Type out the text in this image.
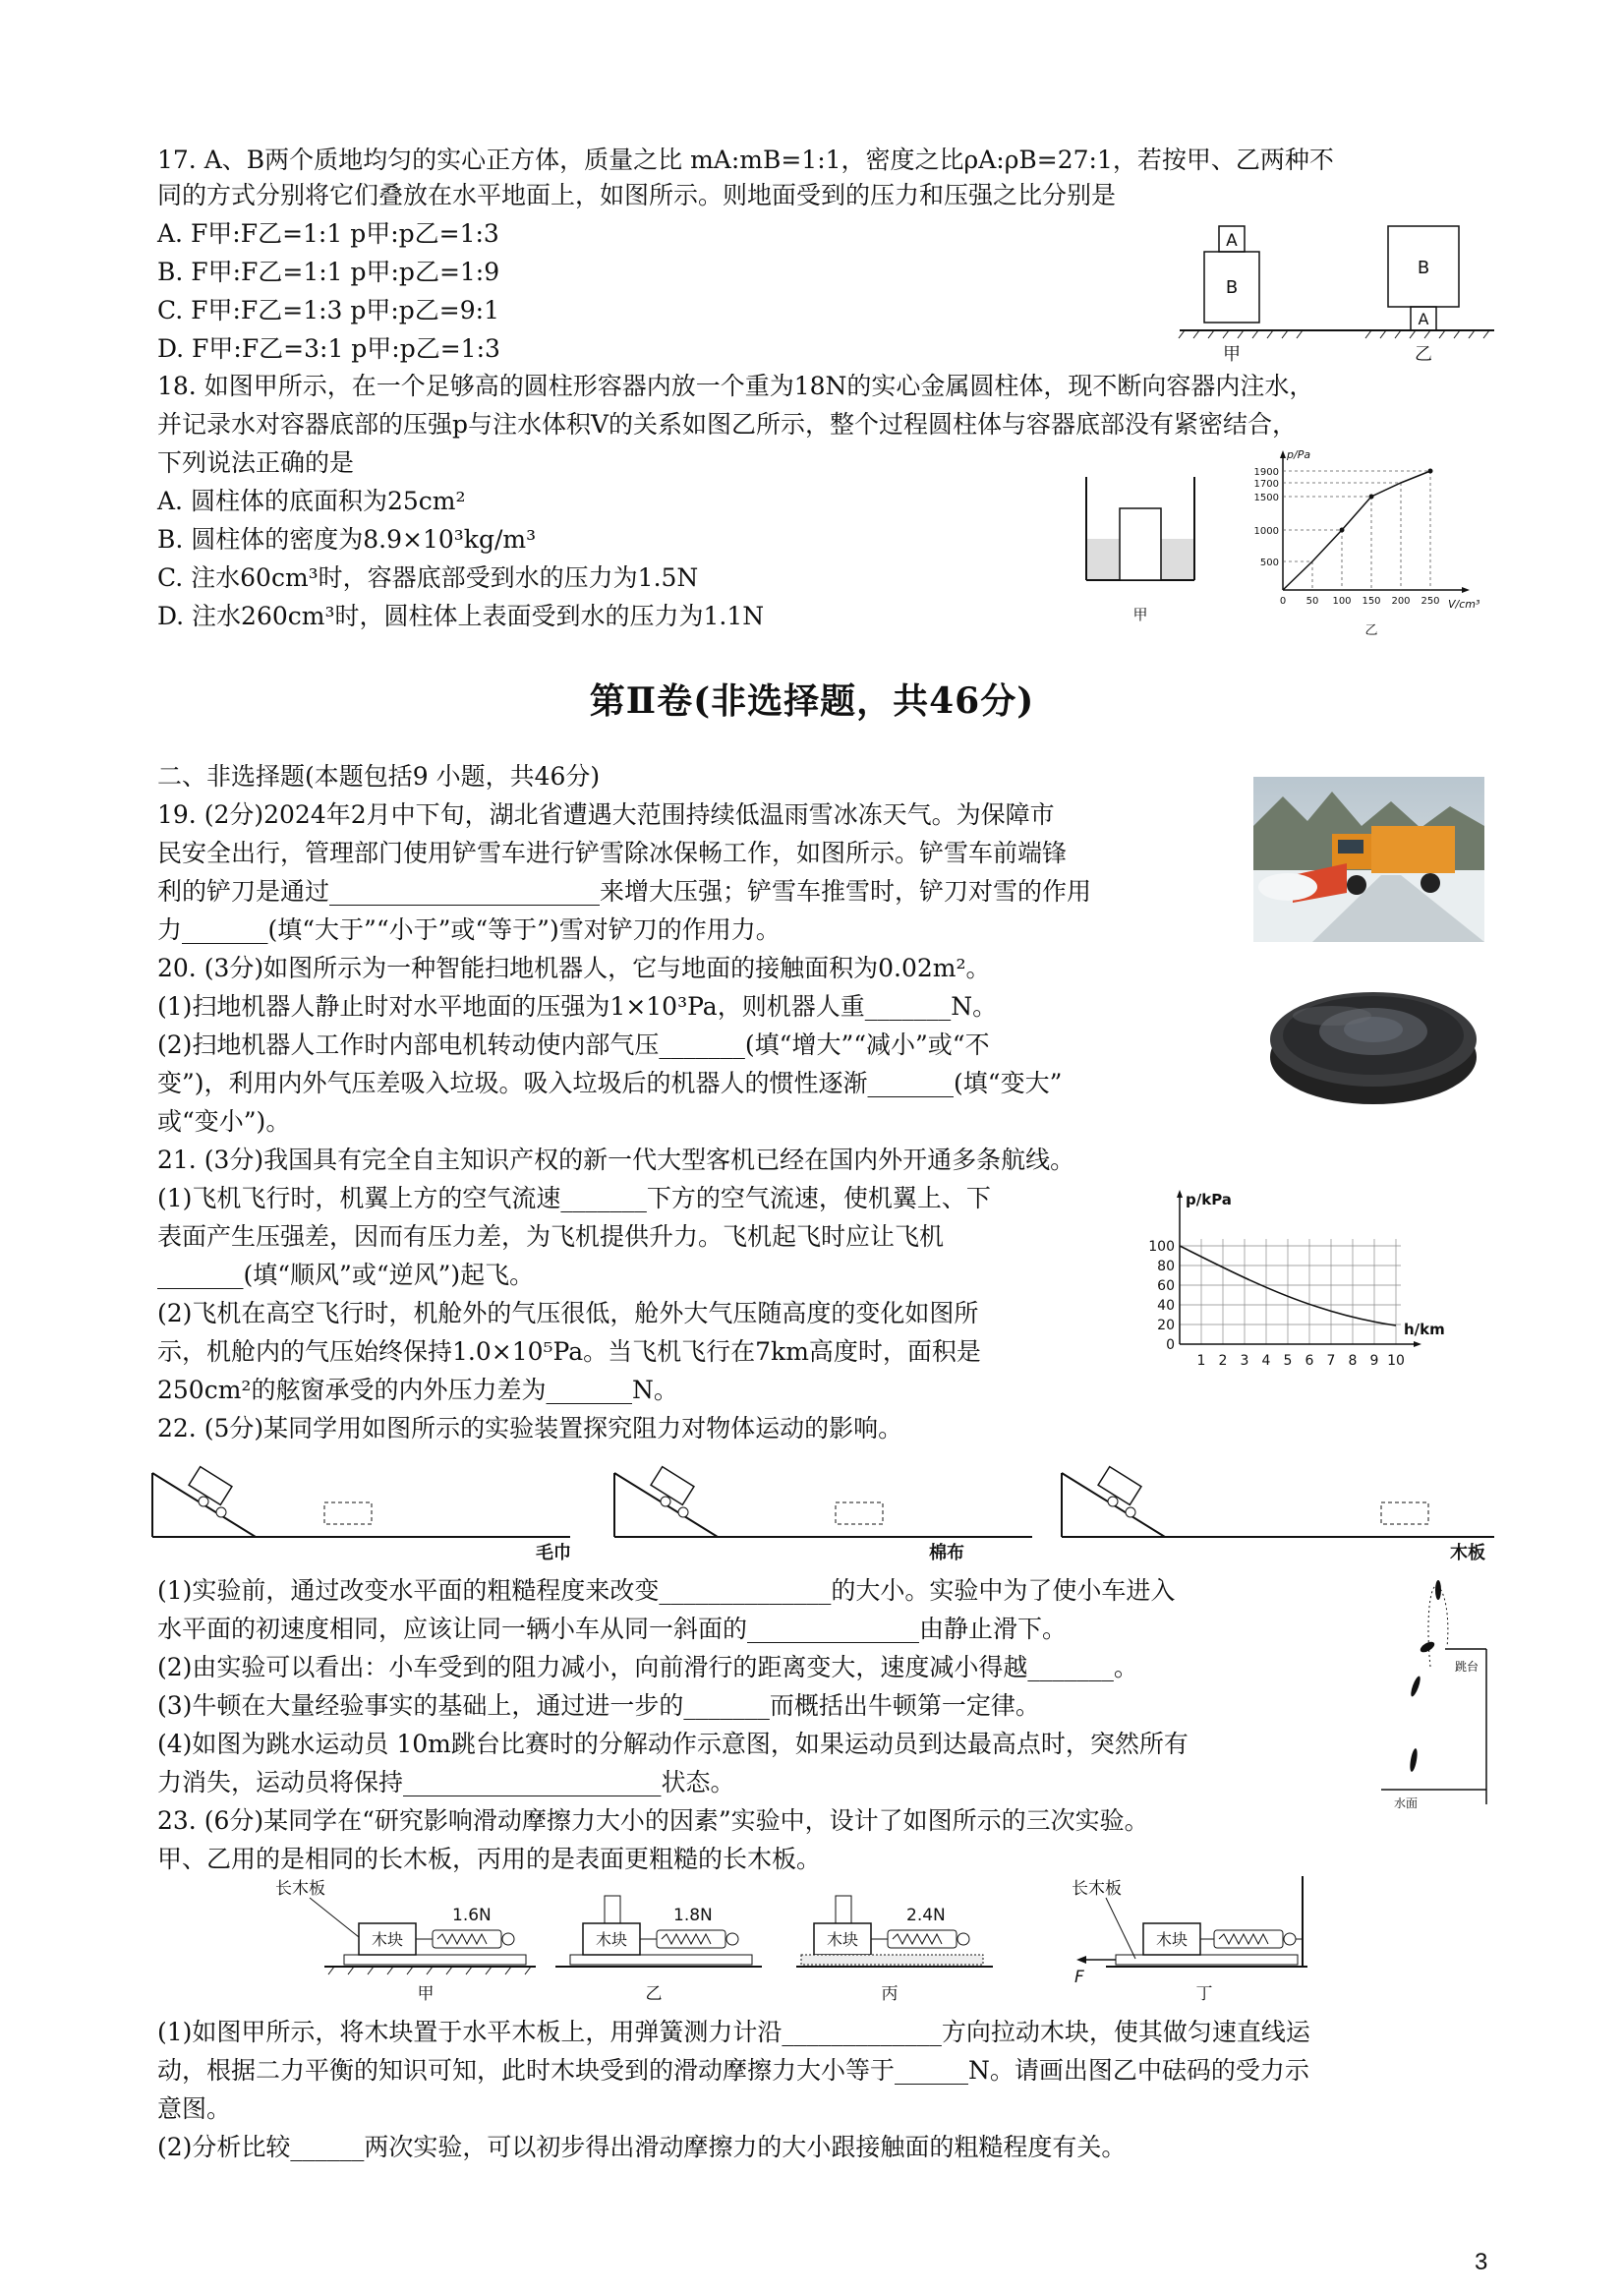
17. A、B两个质地均匀的实心正方体，质量之比 mA:mB=1:1，密度之比ρA:ρB=27:1，若按甲、乙两种不
同的方式分别将它们叠放在水平地面上，如图所示。则地面受到的压力和压强之比分别是
A. F甲:F乙=1:1 p甲:p乙=1:3
B. F甲:F乙=1:1 p甲:p乙=1:9
C. F甲:F乙=1:3 p甲:p乙=9:1
D. F甲:F乙=3:1 p甲:p乙=1:3
A
B
B
A
甲	乙
18. 如图甲所示，在一个足够高的圆柱形容器内放一个重为18N的实心金属圆柱体，现不断向容器内注水，
并记录水对容器底部的压强p与注水体积V的关系如图乙所示，整个过程圆柱体与容器底部没有紧密结合，
下列说法正确的是
A. 圆柱体的底面积为25cm²
B. 圆柱体的密度为8.9×10³kg/m³
C. 注水60cm³时，容器底部受到水的压力为1.5N
D. 注水260cm³时，圆柱体上表面受到水的压力为1.1N	甲
p/Pa
V/cm³
1900
1700
1500
1000
500
0 50 100 150 200 250
乙
第Ⅱ卷(非选择题，共46分)
二、非选择题(本题包括9 小题，共46分)
19. (2分)2024年2月中下旬，湖北省遭遇大范围持续低温雨雪冰冻天气。为保障市
民安全出行，管理部门使用铲雪车进行铲雪除冰保畅工作，如图所示。铲雪车前端锋
利的铲刀是通过______________________来增大压强；铲雪车推雪时，铲刀对雪的作用
力_______(填“大于”“小于”或“等于”)雪对铲刀的作用力。
20. (3分)如图所示为一种智能扫地机器人，它与地面的接触面积为0.02m²。
(1)扫地机器人静止时对水平地面的压强为1×10³Pa，则机器人重_______N。
(2)扫地机器人工作时内部电机转动使内部气压_______(填“增大”“减小”或“不
变”)，利用内外气压差吸入垃圾。吸入垃圾后的机器人的惯性逐渐_______(填“变大”
或“变小”)。
21. (3分)我国具有完全自主知识产权的新一代大型客机已经在国内外开通多条航线。
(1)飞机飞行时，机翼上方的空气流速_______下方的空气流速，使机翼上、下
表面产生压强差，因而有压力差，为飞机提供升力。飞机起飞时应让飞机
_______(填“顺风”或“逆风”)起飞。
(2)飞机在高空飞行时，机舱外的气压很低，舱外大气压随高度的变化如图所
示，机舱内的气压始终保持1.0×10⁵Pa。当飞机飞行在7km高度时，面积是
250cm²的舷窗承受的内外压力差为_______N。
p/kPa
h/km
100
80
60
40
20
0
1 2 3 4 5 6 7 8 9 10
22. (5分)某同学用如图所示的实验装置探究阻力对物体运动的影响。
毛巾	棉布	木板
(1)实验前，通过改变水平面的粗糙程度来改变______________的大小。实验中为了使小车进入
水平面的初速度相同，应该让同一辆小车从同一斜面的______________由静止滑下。
(2)由实验可以看出：小车受到的阻力减小，向前滑行的距离变大，速度减小得越_______。
(3)牛顿在大量经验事实的基础上，通过进一步的_______而概括出牛顿第一定律。
(4)如图为跳水运动员 10m跳台比赛时的分解动作示意图，如果运动员到达最高点时，突然所有
力消失，运动员将保持_____________________状态。
跳台
水面
23. (6分)某同学在“研究影响滑动摩擦力大小的因素”实验中，设计了如图所示的三次实验。
甲、乙用的是相同的长木板，丙用的是表面更粗糙的长木板。
长木板
木块
1.6N
甲
木块
1.8N
乙
木块
2.4N
丙
长木板
木块
F
丁
(1)如图甲所示，将木块置于水平木板上，用弹簧测力计沿_____________方向拉动木块，使其做匀速直线运
动，根据二力平衡的知识可知，此时木块受到的滑动摩擦力大小等于______N。请画出图乙中砝码的受力示
意图。
(2)分析比较______两次实验，可以初步得出滑动摩擦力的大小跟接触面的粗糙程度有关。
3
